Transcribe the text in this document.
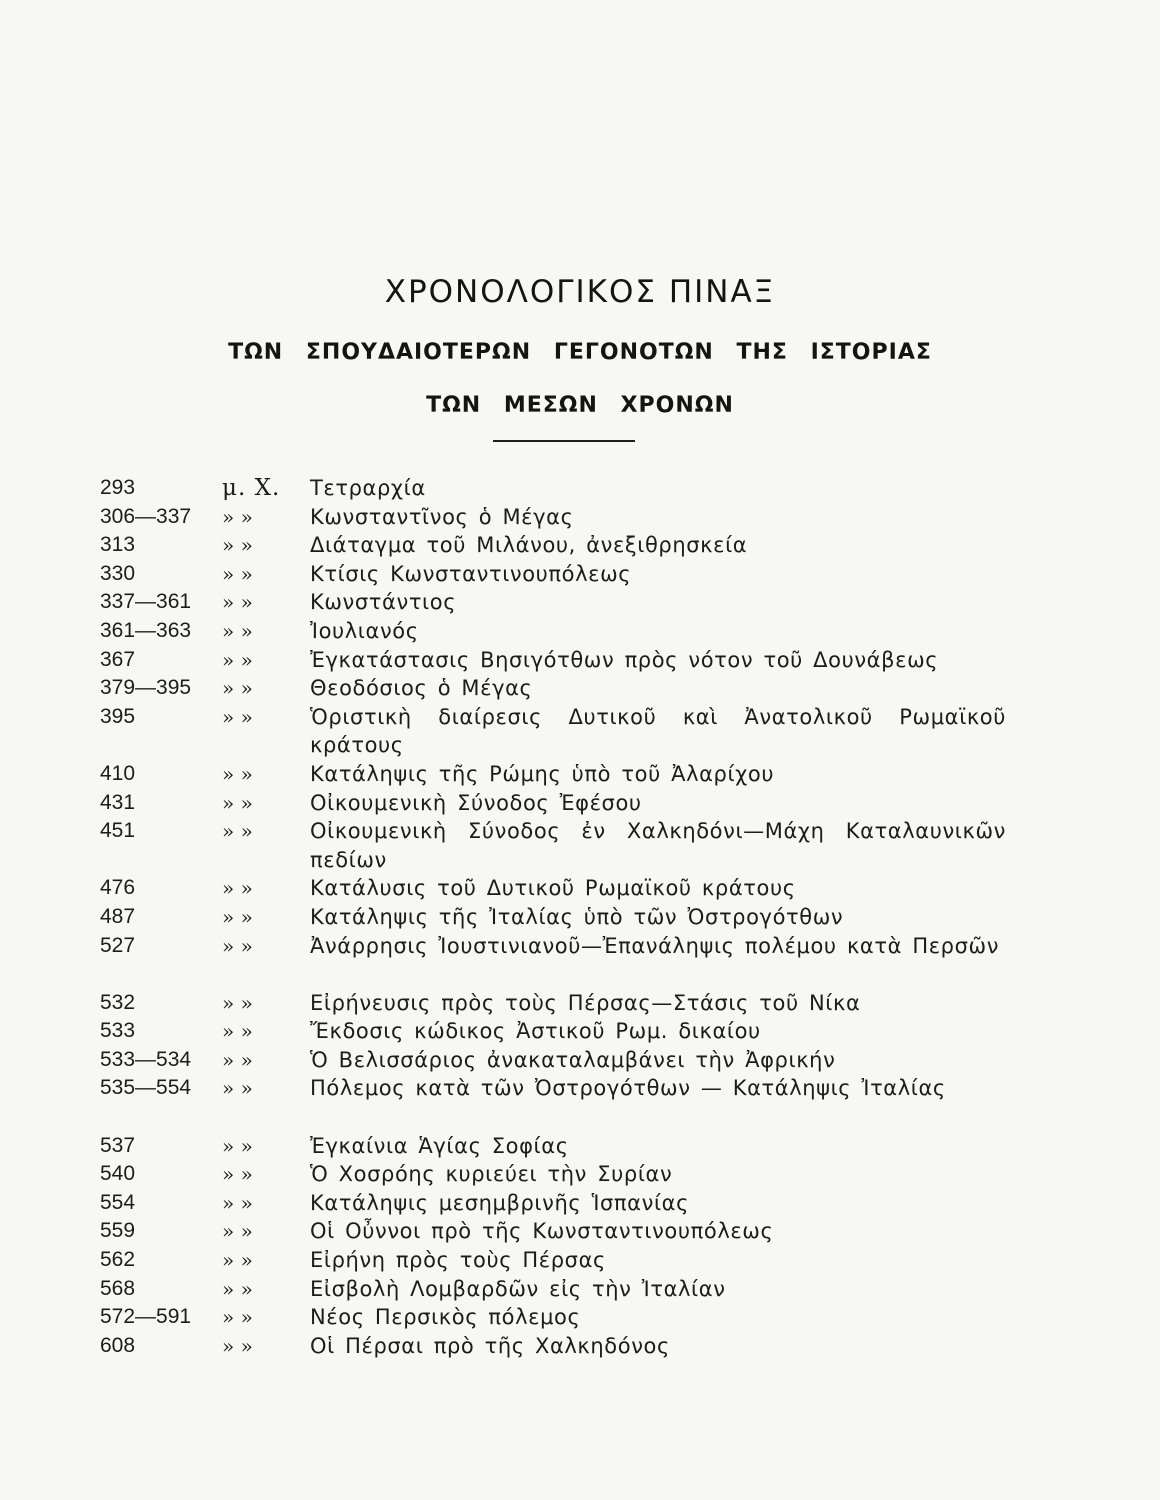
ΧΡΟΝΟΛΟΓΙΚΟΣ ΠΙΝΑΞ
ΤΩΝ ΣΠΟΥΔΑΙΟΤΕΡΩΝ ΓΕΓΟΝΟΤΩΝ ΤΗΣ ΙΣΤΟΡΙΑΣ
ΤΩΝ ΜΕΣΩΝ ΧΡΟΝΩΝ
293	μ. Χ.	Τετραρχία
306—337	» »	Κωνσταντῖνος ὁ Μέγας
313	» »	Διάταγμα τοῦ Μιλάνου, ἀνεξιθρησκεία
330	» »	Κτίσις Κωνσταντινουπόλεως
337—361	» »	Κωνστάντιος
361—363	» »	Ἰουλιανός
367	» »	Ἐγκατάστασις Βησιγότθων πρὸς νότον τοῦ Δουνάβεως
379—395	» »	Θεοδόσιος ὁ Μέγας
395	» »	Ὁριστικὴ διαίρεσις Δυτικοῦ καὶ Ἀνατολικοῦ Ρωμαϊκοῦ κράτους
410	» »	Κατάληψις τῆς Ρώμης ὑπὸ τοῦ Ἀλαρίχου
431	» »	Οἰκουμενικὴ Σύνοδος Ἐφέσου
451	» »	Οἰκουμενικὴ Σύνοδος ἐν Χαλκηδόνι—Μάχη Καταλαυνικῶν πεδίων
476	» »	Κατάλυσις τοῦ Δυτικοῦ Ρωμαϊκοῦ κράτους
487	» »	Κατάληψις τῆς Ἰταλίας ὑπὸ τῶν Ὀστρογότθων
527	» »	Ἀνάρρησις Ἰουστινιανοῦ—Ἐπανάληψις πολέμου κατὰ Περσῶν
532	» »	Εἰρήνευσις πρὸς τοὺς Πέρσας—Στάσις τοῦ Νίκα
533	» »	Ἔκδοσις κώδικος Ἀστικοῦ Ρωμ. δικαίου
533—534	» »	Ὁ Βελισσάριος ἀνακαταλαμβάνει τὴν Ἀφρικήν
535—554	» »	Πόλεμος κατὰ τῶν Ὀστρογότθων — Κατάληψις Ἰταλίας
537	» »	Ἐγκαίνια Ἁγίας Σοφίας
540	» »	Ὁ Χοσρόης κυριεύει τὴν Συρίαν
554	» »	Κατάληψις μεσημβρινῆς Ἱσπανίας
559	» »	Οἱ Οὖννοι πρὸ τῆς Κωνσταντινουπόλεως
562	» »	Εἰρήνη πρὸς τοὺς Πέρσας
568	» »	Εἰσβολὴ Λομβαρδῶν εἰς τὴν Ἰταλίαν
572—591	» »	Νέος Περσικὸς πόλεμος
608	» »	Οἱ Πέρσαι πρὸ τῆς Χαλκηδόνος
